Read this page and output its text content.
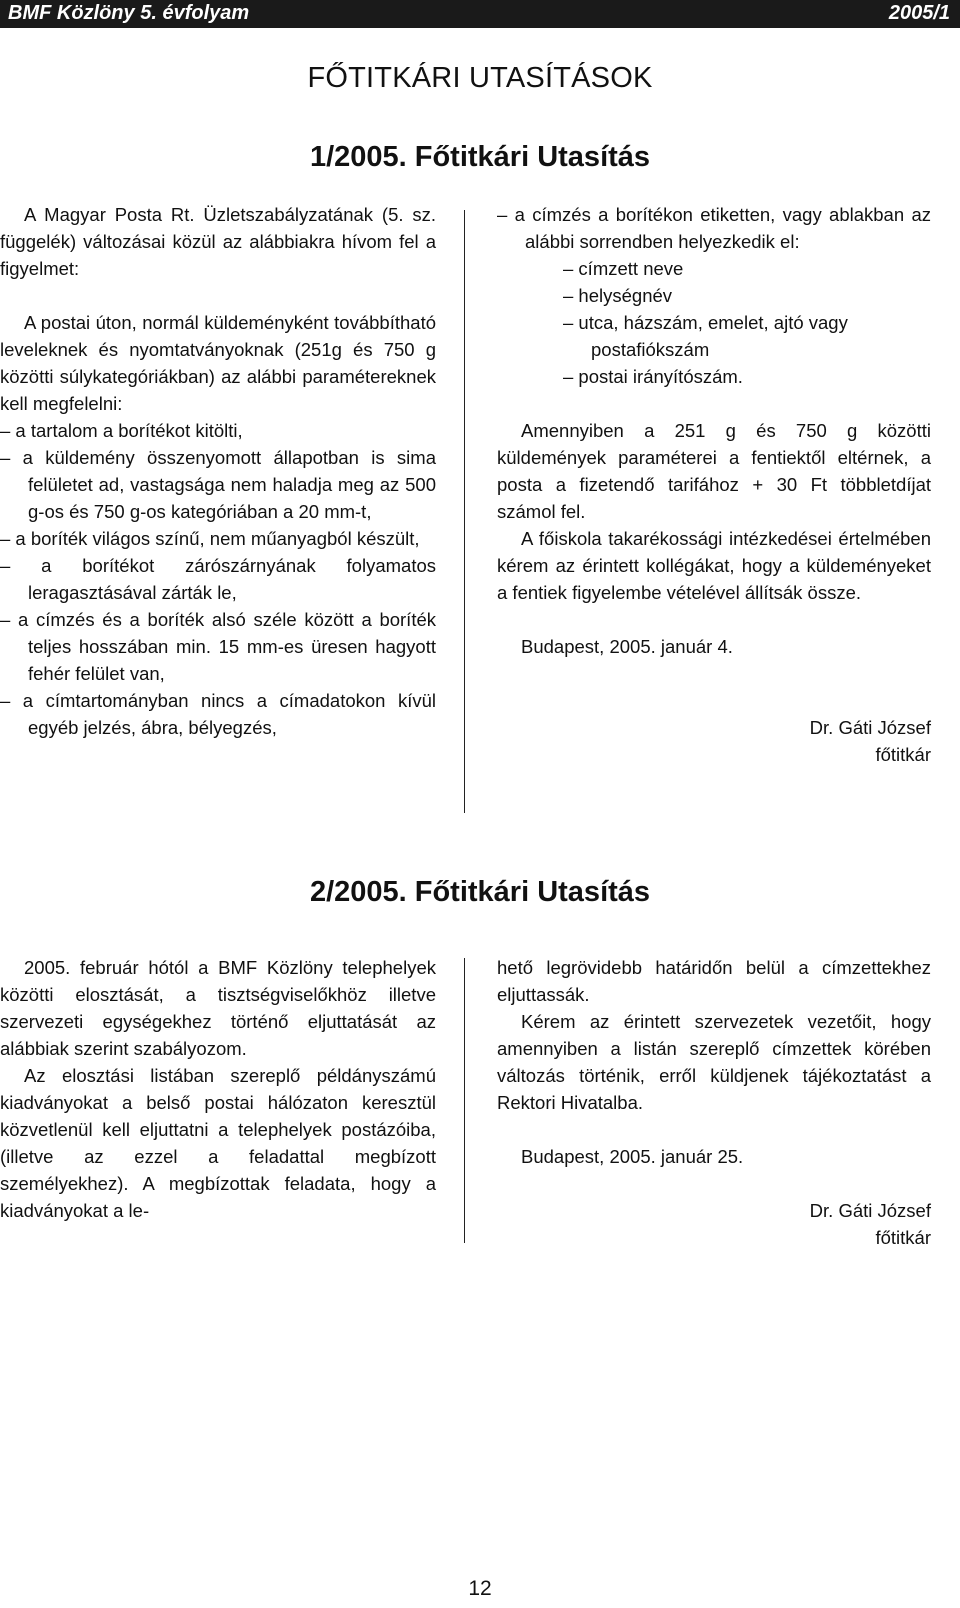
BMF Közlöny 5. évfolyam	2005/1
FŐTITKÁRI UTASÍTÁSOK
1/2005. Főtitkári Utasítás

A Magyar Posta Rt. Üzletszabályzatának (5. sz. függelék) változásai közül az alábbiakra hívom fel a figyelmet:

A postai úton, normál küldeményként továbbítható leveleknek és nyomtatványoknak (251g és 750 g közötti súlykategóriákban) az alábbi paramétereknek kell megfelelni:

– a tartalom a borítékot kitölti,

– a küldemény összenyomott állapotban is sima felületet ad, vastagsága nem haladja meg az 500 g-os és 750 g-os kategóriában a 20 mm-t,

– a boríték világos színű, nem műanyagból készült,

– a borítékot zárószárnyának folyamatos leragasztásával zárták le,

– a címzés és a boríték alsó széle között a boríték teljes hosszában min. 15 mm-es üresen hagyott fehér felület van,

– a címtartományban nincs a címadatokon kívül egyéb jelzés, ábra, bélyegzés,

– a címzés a borítékon etiketten, vagy ablakban az alábbi sorrendben helyezkedik el:

– címzett neve

– helységnév

– utca, házszám, emelet, ajtó vagy

postafiókszám

– postai irányítószám.

Amennyiben a 251 g és 750 g közötti küldemények paraméterei a fentiektől eltérnek, a posta a fizetendő tarifához + 30 Ft többletdíjat számol fel.

A főiskola takarékossági intézkedései értelmében kérem az érintett kollégákat, hogy a küldeményeket a fentiek figyelembe vételével állítsák össze.

Budapest, 2005. január 4.

Dr. Gáti József

főtitkár

2/2005. Főtitkári Utasítás

2005. február hótól a BMF Közlöny telephelyek közötti elosztását, a tisztségviselőkhöz illetve szervezeti egységekhez történő eljuttatását az alábbiak szerint szabályozom.

Az elosztási listában szereplő példányszámú kiadványokat a belső postai hálózaton keresztül közvetlenül kell eljuttatni a telephelyek postázóiba, (illetve az ezzel a feladattal megbízott személyekhez). A megbízottak feladata, hogy a kiadványokat a le-

hető legrövidebb határidőn belül a címzettekhez eljuttassák.

Kérem az érintett szervezetek vezetőit, hogy amennyiben a listán szereplő címzettek körében változás történik, erről küldjenek tájékoztatást a Rektori Hivatalba.

Budapest, 2005. január 25.

Dr. Gáti József

főtitkár

12
